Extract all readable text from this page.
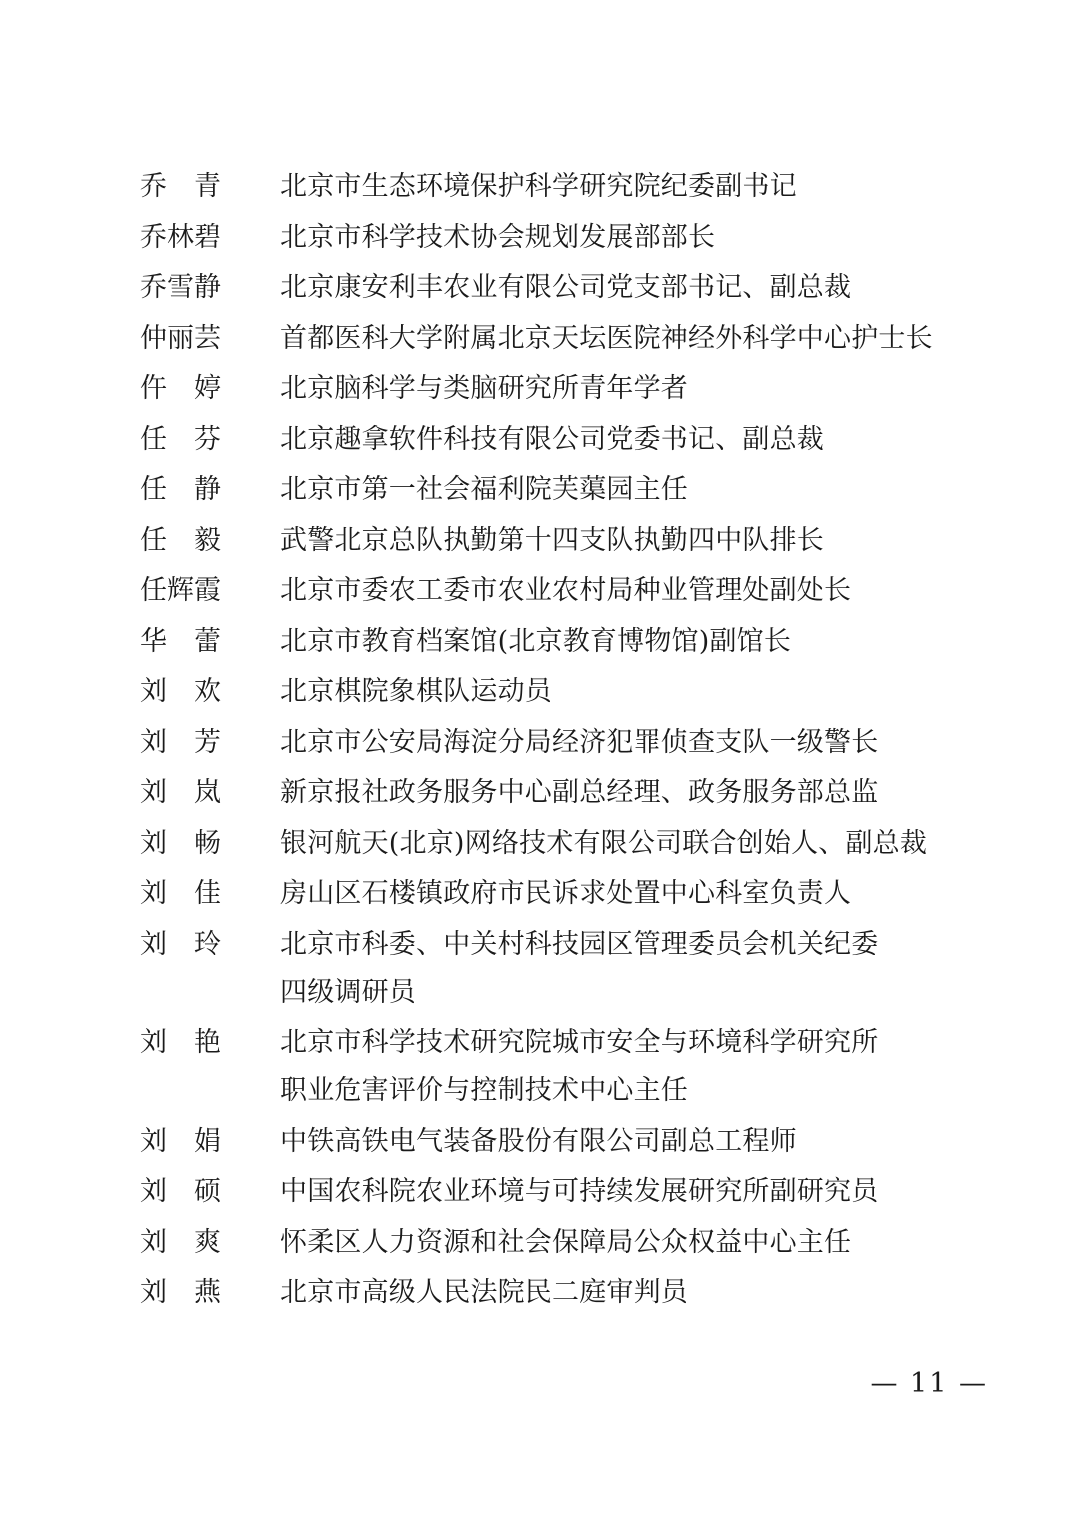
乔　青	北京市生态环境保护科学研究院纪委副书记
乔林碧	北京市科学技术协会规划发展部部长
乔雪静	北京康安利丰农业有限公司党支部书记、副总裁
仲丽芸	首都医科大学附属北京天坛医院神经外科学中心护士长
仵　婷	北京脑科学与类脑研究所青年学者
任　芬	北京趣拿软件科技有限公司党委书记、副总裁
任　静	北京市第一社会福利院芙蕖园主任
任　毅	武警北京总队执勤第十四支队执勤四中队排长
任辉霞	北京市委农工委市农业农村局种业管理处副处长
华　蕾	北京市教育档案馆(北京教育博物馆)副馆长
刘　欢	北京棋院象棋队运动员
刘　芳	北京市公安局海淀分局经济犯罪侦查支队一级警长
刘　岚	新京报社政务服务中心副总经理、政务服务部总监
刘　畅	银河航天(北京)网络技术有限公司联合创始人、副总裁
刘　佳	房山区石楼镇政府市民诉求处置中心科室负责人
刘　玲	北京市科委、中关村科技园区管理委员会机关纪委
四级调研员
刘　艳	北京市科学技术研究院城市安全与环境科学研究所
职业危害评价与控制技术中心主任
刘　娟	中铁高铁电气装备股份有限公司副总工程师
刘　硕	中国农科院农业环境与可持续发展研究所副研究员
刘　爽	怀柔区人力资源和社会保障局公众权益中心主任
刘　燕	北京市高级人民法院民二庭审判员
— 11 —
